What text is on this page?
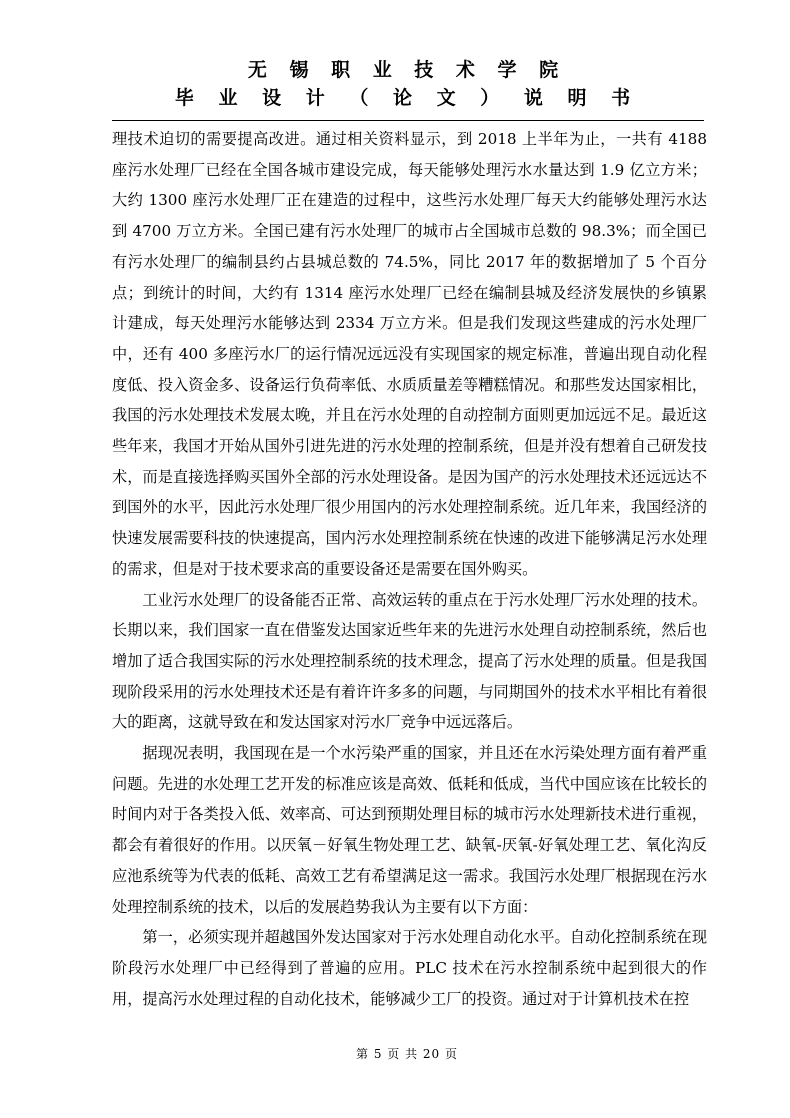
无 锡 职 业 技 术 学 院
毕 业 设 计 （ 论 文 ） 说 明 书

理技术迫切的需要提高改进。通过相关资料显示，到 2018 上半年为止，一共有 4188 座污水处理厂已经在全国各城市建设完成，每天能够处理污水水量达到 1.9 亿立方米；大约 1300 座污水处理厂正在建造的过程中，这些污水处理厂每天大约能够处理污水达到 4700 万立方米。全国已建有污水处理厂的城市占全国城市总数的 98.3%；而全国已有污水处理厂的编制县约占县城总数的 74.5%，同比 2017 年的数据增加了 5 个百分点；到统计的时间，大约有 1314 座污水处理厂已经在编制县城及经济发展快的乡镇累计建成，每天处理污水能够达到 2334 万立方米。但是我们发现这些建成的污水处理厂中，还有 400 多座污水厂的运行情况远远没有实现国家的规定标准，普遍出现自动化程度低、投入资金多、设备运行负荷率低、水质质量差等糟糕情况。和那些发达国家相比，我国的污水处理技术发展太晚，并且在污水处理的自动控制方面则更加远远不足。最近这些年来，我国才开始从国外引进先进的污水处理的控制系统，但是并没有想着自己研发技术，而是直接选择购买国外全部的污水处理设备。是因为国产的污水处理技术还远远达不到国外的水平，因此污水处理厂很少用国内的污水处理控制系统。近几年来，我国经济的快速发展需要科技的快速提高，国内污水处理控制系统在快速的改进下能够满足污水处理的需求，但是对于技术要求高的重要设备还是需要在国外购买。

工业污水处理厂的设备能否正常、高效运转的重点在于污水处理厂污水处理的技术。长期以来，我们国家一直在借鉴发达国家近些年来的先进污水处理自动控制系统，然后也增加了适合我国实际的污水处理控制系统的技术理念，提高了污水处理的质量。但是我国现阶段采用的污水处理技术还是有着许许多多的问题，与同期国外的技术水平相比有着很大的距离，这就导致在和发达国家对污水厂竞争中远远落后。

据现况表明，我国现在是一个水污染严重的国家，并且还在水污染处理方面有着严重问题。先进的水处理工艺开发的标准应该是高效、低耗和低成，当代中国应该在比较长的时间内对于各类投入低、效率高、可达到预期处理目标的城市污水处理新技术进行重视，都会有着很好的作用。以厌氧－好氧生物处理工艺、缺氧-厌氧-好氧处理工艺、氧化沟反应池系统等为代表的低耗、高效工艺有希望满足这一需求。我国污水处理厂根据现在污水处理控制系统的技术，以后的发展趋势我认为主要有以下方面：

第一，必须实现并超越国外发达国家对于污水处理自动化水平。自动化控制系统在现阶段污水处理厂中已经得到了普遍的应用。PLC 技术在污水控制系统中起到很大的作用，提高污水处理过程的自动化技术，能够减少工厂的投资。通过对于计算机技术在控

第 5 页 共 20 页
